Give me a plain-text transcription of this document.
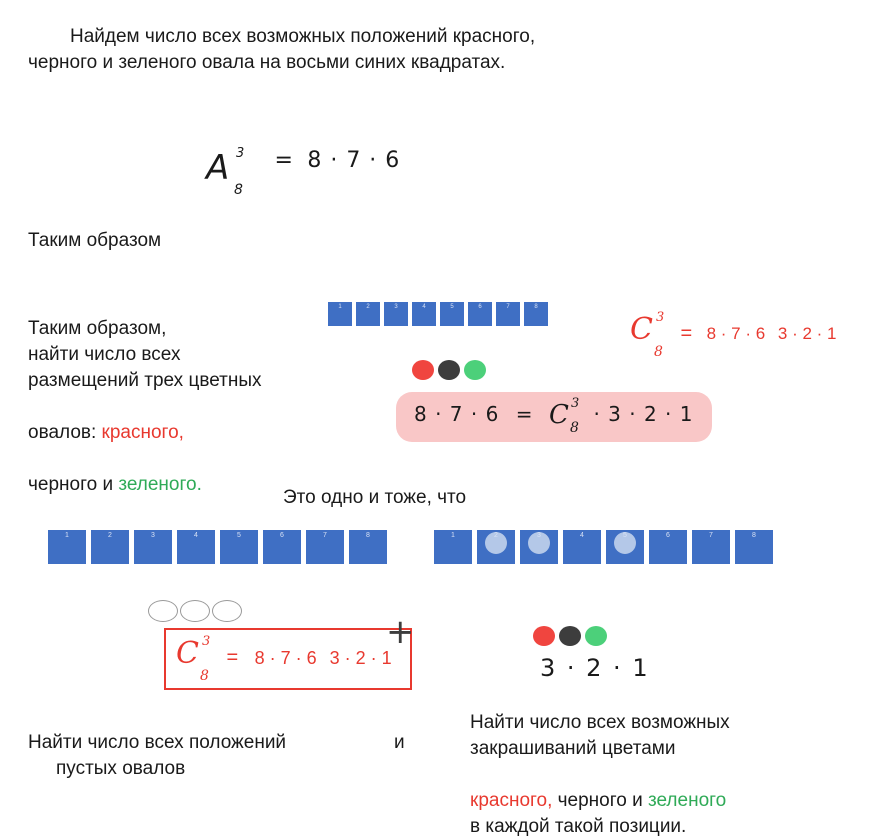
Найдем число всех возможных положений красного, черного и зеленого овала на восьми синих квадратах.
A 3
8
= 8 · 7 · 6
Таким образом
Таким образом,
найти число всех
размещений трех цветных

овалов: красного,

черного и зеленого.

1	2	3	4	5	6	7	8
C 3
8
= 8 · 7 · 6 3 · 2 · 1
8 · 7 · 6 = C 3
8
· 3 · 2 · 1
Это одно и тоже, что
1	2	3	4	5	6	7	8	1	2	3	4	5	6	7	8
C 3
8
= 8 · 7 · 6 3 · 2 · 1
+
3 · 2 · 1
Найти число всех положений
пустых овалов
и
Найти число всех возможных
закрашиваний цветами

красного, черного и зеленого

в каждой такой позиции.
